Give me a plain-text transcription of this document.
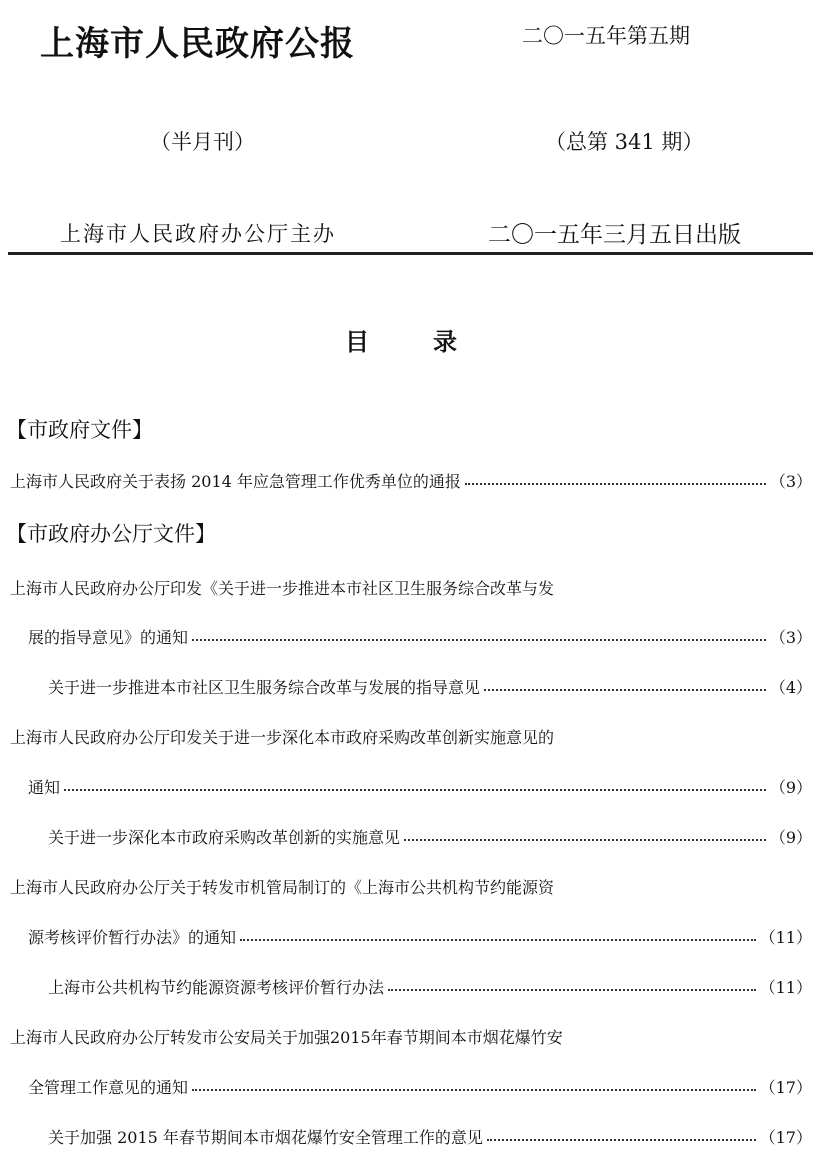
上海市人民政府公报	二〇一五年第五期
（半月刊）	（总第 341 期）
上海市人民政府办公厅主办	二〇一五年三月五日出版
目录
【市政府文件】
上海市人民政府关于表扬 2014 年应急管理工作优秀单位的通报	（3）
【市政府办公厅文件】
上海市人民政府办公厅印发《关于进一步推进本市社区卫生服务综合改革与发
展的指导意见》的通知	（3）
关于进一步推进本市社区卫生服务综合改革与发展的指导意见	（4）
上海市人民政府办公厅印发关于进一步深化本市政府采购改革创新实施意见的
通知	（9）
关于进一步深化本市政府采购改革创新的实施意见	（9）
上海市人民政府办公厅关于转发市机管局制订的《上海市公共机构节约能源资
源考核评价暂行办法》的通知	（11）
上海市公共机构节约能源资源考核评价暂行办法	（11）
上海市人民政府办公厅转发市公安局关于加强2015年春节期间本市烟花爆竹安
全管理工作意见的通知	（17）
关于加强 2015 年春节期间本市烟花爆竹安全管理工作的意见	（17）
